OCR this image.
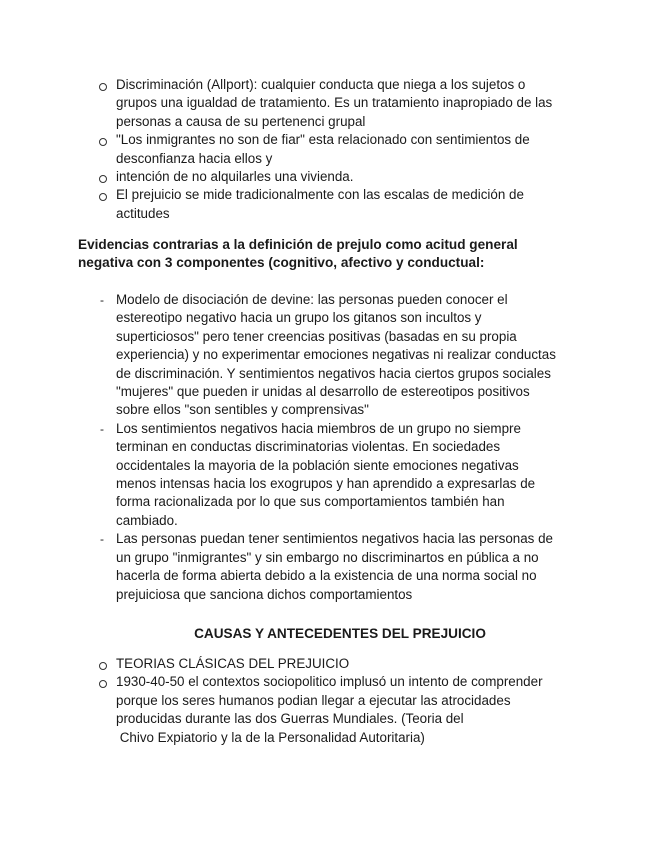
Discriminación (Allport): cualquier conducta que niega a los sujetos o
grupos una igualdad de tratamiento. Es un tratamiento inapropiado de las
personas a causa de su pertenenci grupal
"Los inmigrantes no son de fiar" esta relacionado con sentimientos de
desconfianza hacia ellos y
intención de no alquilarles una vivienda.
El prejuicio se mide tradicionalmente con las escalas de medición de
actitudes
Evidencias contrarias a la definición de prejulo como acitud general
negativa con 3 componentes (cognitivo, afectivo y conductual:
- Modelo de disociación de devine: las personas pueden conocer el
estereotipo negativo hacia un grupo los gitanos son incultos y
superticiosos" pero tener creencias positivas (basadas en su propia
experiencia) y no experimentar emociones negativas ni realizar conductas
de discriminación. Y sentimientos negativos hacia ciertos grupos sociales
"mujeres" que pueden ir unidas al desarrollo de estereotipos positivos
sobre ellos "son sentibles y comprensivas"
- Los sentimientos negativos hacia miembros de un grupo no siempre
terminan en conductas discriminatorias violentas. En sociedades
occidentales la mayoria de la población siente emociones negativas
menos intensas hacia los exogrupos y han aprendido a expresarlas de
forma racionalizada por lo que sus comportamientos también han
cambiado.
- Las personas puedan tener sentimientos negativos hacia las personas de
un grupo "inmigrantes" y sin embargo no discriminartos en pública a no
hacerla de forma abierta debido a la existencia de una norma social no
prejuiciosa que sanciona dichos comportamientos
CAUSAS Y ANTECEDENTES DEL PREJUICIO
TEORIAS CLÁSICAS DEL PREJUICIO
1930-40-50 el contextos sociopolitico implusó un intento de comprender
porque los seres humanos podian llegar a ejecutar las atrocidades
producidas durante las dos Guerras Mundiales. (Teoria del
Chivo Expiatorio y la de la Personalidad Autoritaria)
